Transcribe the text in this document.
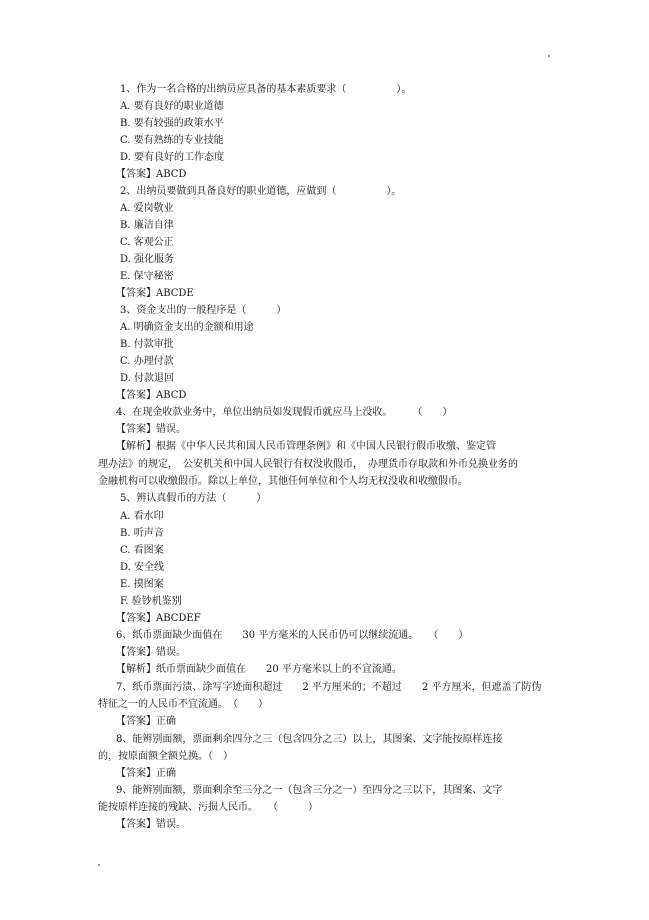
1、作为一名合格的出纳员应具备的基本素质要求（　　　　　）。
A. 要有良好的职业道德
B. 要有较强的政策水平
C. 要有熟练的专业技能
D. 要有良好的工作态度
【答案】ABCD
2、出纳员要做到具备良好的职业道德，应做到（　　　　　）。
A. 爱岗敬业
B. 廉洁自律
C. 客观公正
D. 强化服务
E. 保守秘密
【答案】ABCDE
3、资金支出的一般程序是（　　　）
A. 明确资金支出的金额和用途
B. 付款审批
C. 办理付款
D. 付款退回
【答案】ABCD
4、在现金收款业务中，单位出纳员如发现假币就应马上没收。　　　（　　）
【答案】错误。
【解析】根据《中华人民共和国人民币管理条例》和《中国人民银行假币收缴、鉴定管
理办法》的规定，　公安机关和中国人民银行有权没收假币，　办理货币存取款和外币兑换业务的
金融机构可以收缴假币。除以上单位，其他任何单位和个人均无权没收和收缴假币。
5、辨认真假币的方法（　　　）
A. 看水印
B. 听声音
C. 看图案
D. 安全线
E. 摸图案
F. 验钞机鉴别
【答案】ABCDEF
6、纸币票面缺少面值在　　30 平方毫米的人民币仍可以继续流通。　　（　　）
【答案】错误。
【解析】纸币票面缺少面值在　　20 平方毫米以上的不宜流通。
7、纸币票面污渍、涂写字迹面积超过　　2 平方厘米的；不超过　　2 平方厘米，但遮盖了防伪
特征之一的人民币不宜流通。　（　　）
【答案】正确
8、能辨别面额，票面剩余四分之三（包含四分之三）以上，其图案、文字能按原样连接
的，按原面额全额兑换。（　）
【答案】正确
9、能辨别面额，票面剩余至三分之一（包含三分之一）至四分之三以下，其图案、文字
能按原样连接的残缺、污损人民币。　　（　　　）
【答案】错误。
